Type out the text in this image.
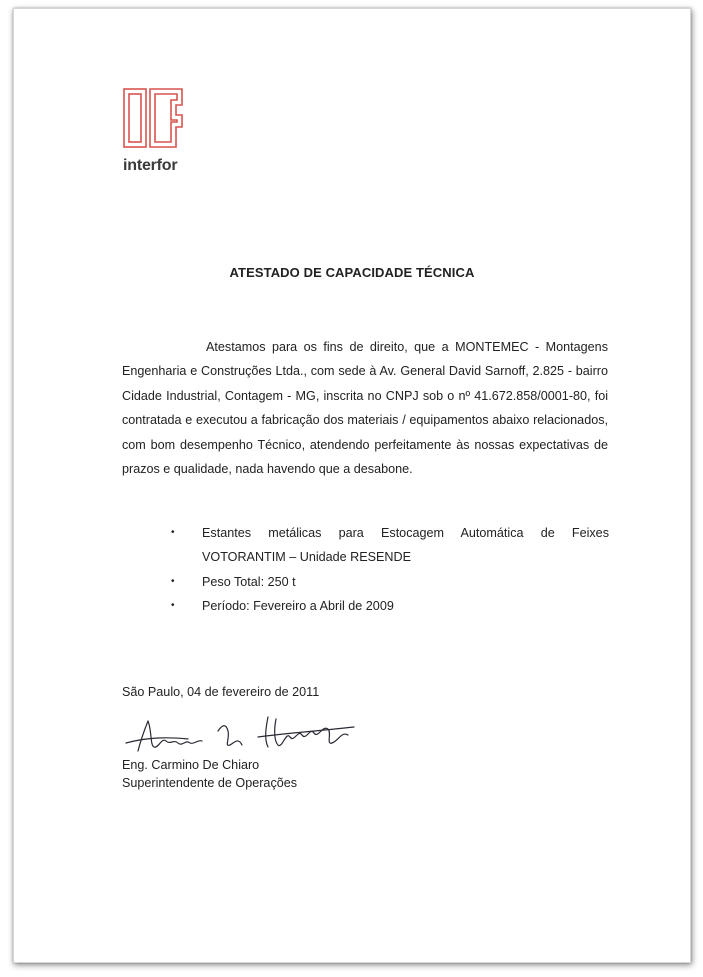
interfor
ATESTADO DE CAPACIDADE TÉCNICA

Atestamos para os fins de direito, que a MONTEMEC - Montagens Engenharia e Construções Ltda., com sede à Av. General David Sarnoff, 2.825 - bairro Cidade Industrial, Contagem - MG, inscrita no CNPJ sob o nº 41.672.858/0001-80, foi contratada e executou a fabricação dos materiais / equipamentos abaixo relacionados, com bom desempenho Técnico, atendendo perfeitamente às nossas expectativas de prazos e qualidade, nada havendo que a desabone.

• Estantes metálicas para Estocagem Automática de Feixes VOTORANTIM – Unidade RESENDE
• Peso Total: 250 t
• Período: Fevereiro a Abril de 2009
São Paulo, 04 de fevereiro de 2011
Eng. Carmino De Chiaro
Superintendente de Operações
